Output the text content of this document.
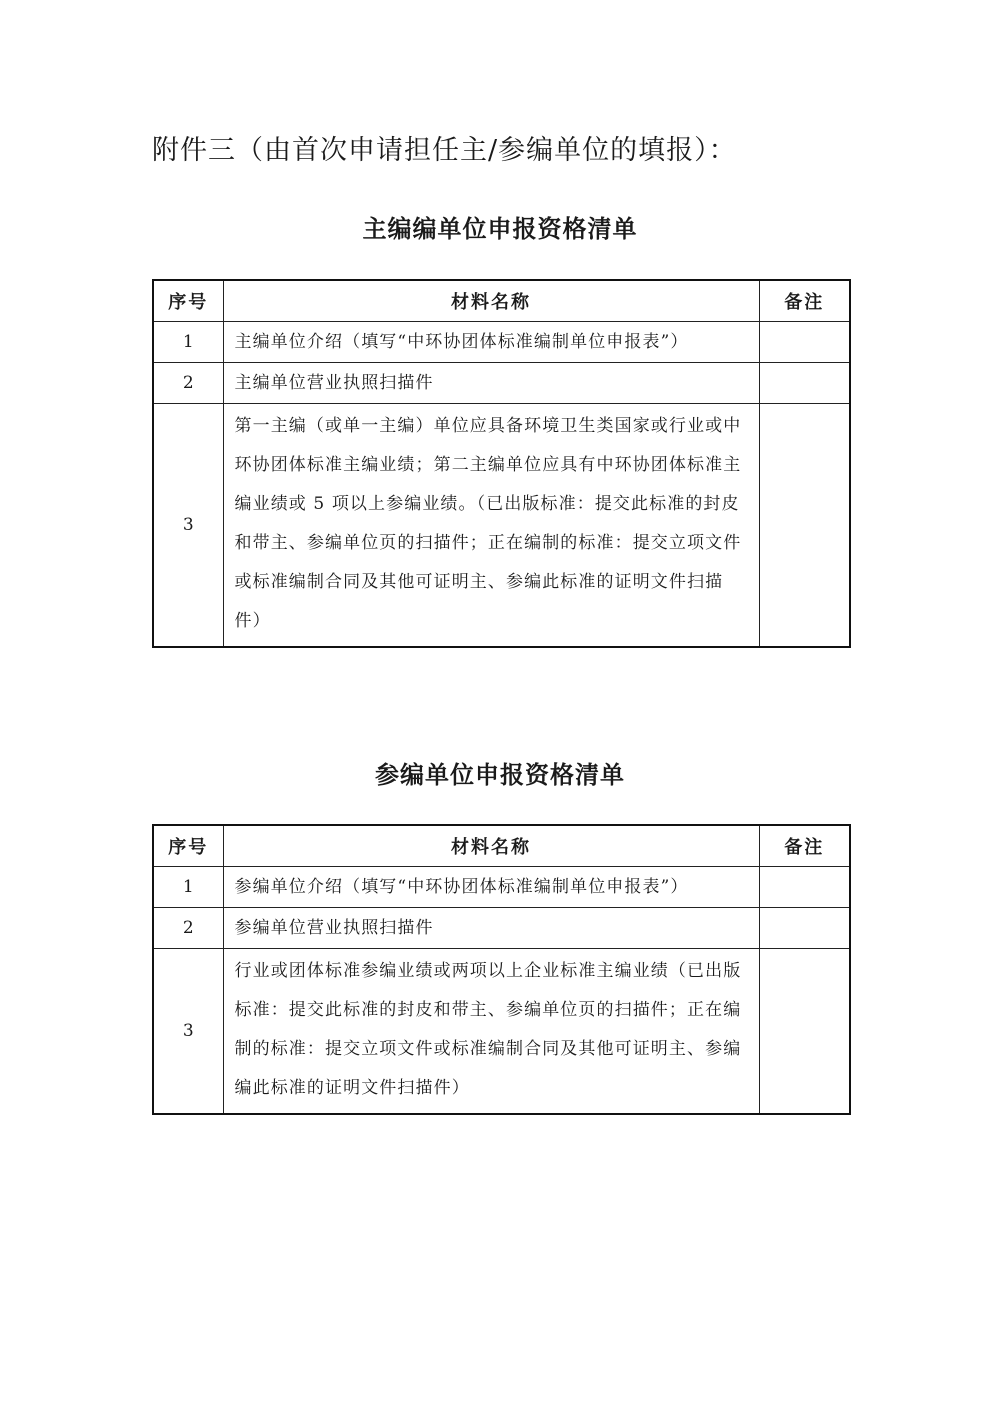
附件三（由首次申请担任主/参编单位的填报）：
主编编单位申报资格清单
序号	材料名称	备注
1	主编单位介绍（填写“中环协团体标准编制单位申报表”）	
2	主编单位营业执照扫描件	
3	第一主编（或单一主编）单位应具备环境卫生类国家或行业或中环协团体标准主编业绩；第二主编单位应具有中环协团体标准主编业绩或 5 项以上参编业绩。（已出版标准：提交此标准的封皮和带主、参编单位页的扫描件；正在编制的标准：提交立项文件或标准编制合同及其他可证明主、参编此标准的证明文件扫描件）	
参编单位申报资格清单
序号	材料名称	备注
1	参编单位介绍（填写“中环协团体标准编制单位申报表”）	
2	参编单位营业执照扫描件	
3	行业或团体标准参编业绩或两项以上企业标准主编业绩（已出版标准：提交此标准的封皮和带主、参编单位页的扫描件；正在编制的标准：提交立项文件或标准编制合同及其他可证明主、参编编此标准的证明文件扫描件）	
